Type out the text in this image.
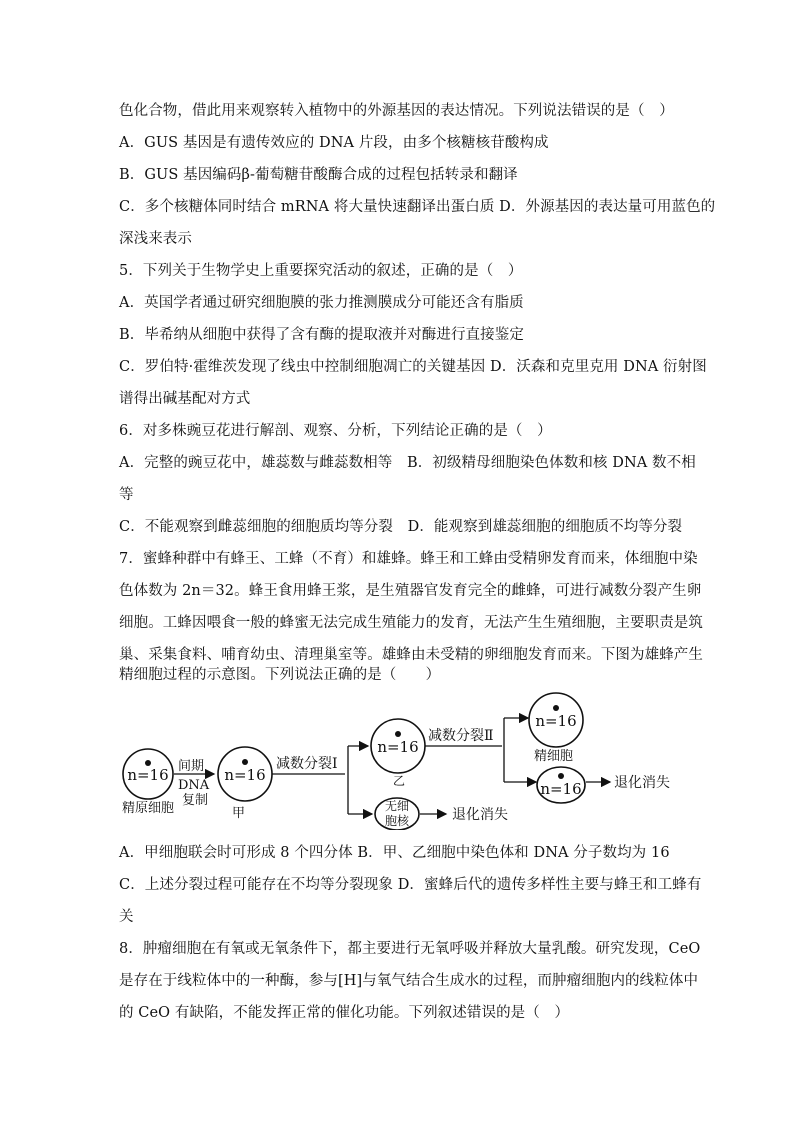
色化合物，借此用来观察转入植物中的外源基因的表达情况。下列说法错误的是（　）
A．GUS 基因是有遗传效应的 DNA 片段，由多个核糖核苷酸构成
B．GUS 基因编码β-葡萄糖苷酸酶合成的过程包括转录和翻译
C．多个核糖体同时结合 mRNA 将大量快速翻译出蛋白质 D．外源基因的表达量可用蓝色的
深浅来表示
5．下列关于生物学史上重要探究活动的叙述，正确的是（　）
A．英国学者通过研究细胞膜的张力推测膜成分可能还含有脂质
B．毕希纳从细胞中获得了含有酶的提取液并对酶进行直接鉴定
C．罗伯特·霍维茨发现了线虫中控制细胞凋亡的关键基因 D．沃森和克里克用 DNA 衍射图
谱得出碱基配对方式
6．对多株豌豆花进行解剖、观察、分析，下列结论正确的是（　）
A．完整的豌豆花中，雄蕊数与雌蕊数相等　B．初级精母细胞染色体数和核 DNA 数不相
等
C．不能观察到雌蕊细胞的细胞质均等分裂　D．能观察到雄蕊细胞的细胞质不均等分裂
7．蜜蜂种群中有蜂王、工蜂（不育）和雄蜂。蜂王和工蜂由受精卵发育而来，体细胞中染
色体数为 2n＝32。蜂王食用蜂王浆，是生殖器官发育完全的雌蜂，可进行减数分裂产生卵
细胞。工蜂因喂食一般的蜂蜜无法完成生殖能力的发育，无法产生生殖细胞，主要职责是筑
巢、采集食料、哺育幼虫、清理巢室等。雄蜂由未受精的卵细胞发育而来。下图为雄蜂产生
精细胞过程的示意图。下列说法正确的是（　　）
n=16
精原细胞
间期
DNA
复制
n=16
甲
减数分裂Ⅰ
n=16
乙
无细
胞核	退化消失
减数分裂Ⅱ
n=16
精细胞
n=16 退化消失
A．甲细胞联会时可形成 8 个四分体 B．甲、乙细胞中染色体和 DNA 分子数均为 16
C．上述分裂过程可能存在不均等分裂现象 D．蜜蜂后代的遗传多样性主要与蜂王和工蜂有
关
8．肿瘤细胞在有氧或无氧条件下，都主要进行无氧呼吸并释放大量乳酸。研究发现，CeO
是存在于线粒体中的一种酶，参与[H]与氧气结合生成水的过程，而肿瘤细胞内的线粒体中
的 CeO 有缺陷，不能发挥正常的催化功能。下列叙述错误的是（　）
